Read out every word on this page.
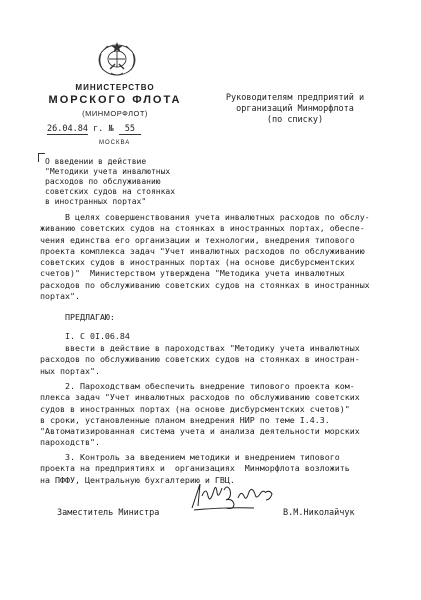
МИНИСТЕРСТВО
МОРСКОГО ФЛОТА
(МИНМОРФЛОТ)
26.04.84 г. № 55
МОСКВА
Руководителям предприятий и
организаций Минморфлота
(по списку)
О введении в действие
"Методики учета инвалютных
расходов по обслуживанию
советских судов на стоянках
в иностранных портах"
В целях совершенствования учета инвалютных расходов по обслу-
живанию советских судов на стоянках в иностранных портах, обеспе-
чения единства его организации и технологии, внедрения типового
проекта комплекса задач "Учет инвалютных расходов по обслуживанию
советских судов в иностранных портах (на основе дисбурсментских
счетов)"  Министерством утверждена "Методика учета инвалютных
расходов по обслуживанию советских судов на стоянках в иностранных
портах".
ПРЕДЛАГАЮ:
I. С 0I.06.84
ввести в действие в пароходствах "Методику учета инвалютных
расходов по обслуживанию советских судов на стоянках в иностран-
ных портах".
2. Пароходствам обеспечить внедрение типового проекта ком-
плекса задач "Учет инвалютных расходов по обслуживанию советских
судов в иностранных портах (на основе дисбурсментских счетов)"
в сроки, установленные планом внедрения НИР по теме I.4.3.
"Автоматизированная система учета и анализа деятельности морских
пароходств".
3. Контроль за введением методики и внедрением типового
проекта на предприятиях и  организациях  Минморфлота возложить
на ПФФУ, Центральную бухгалтерию и ГВЦ.
Заместитель Министра	В.М.Николайчук
